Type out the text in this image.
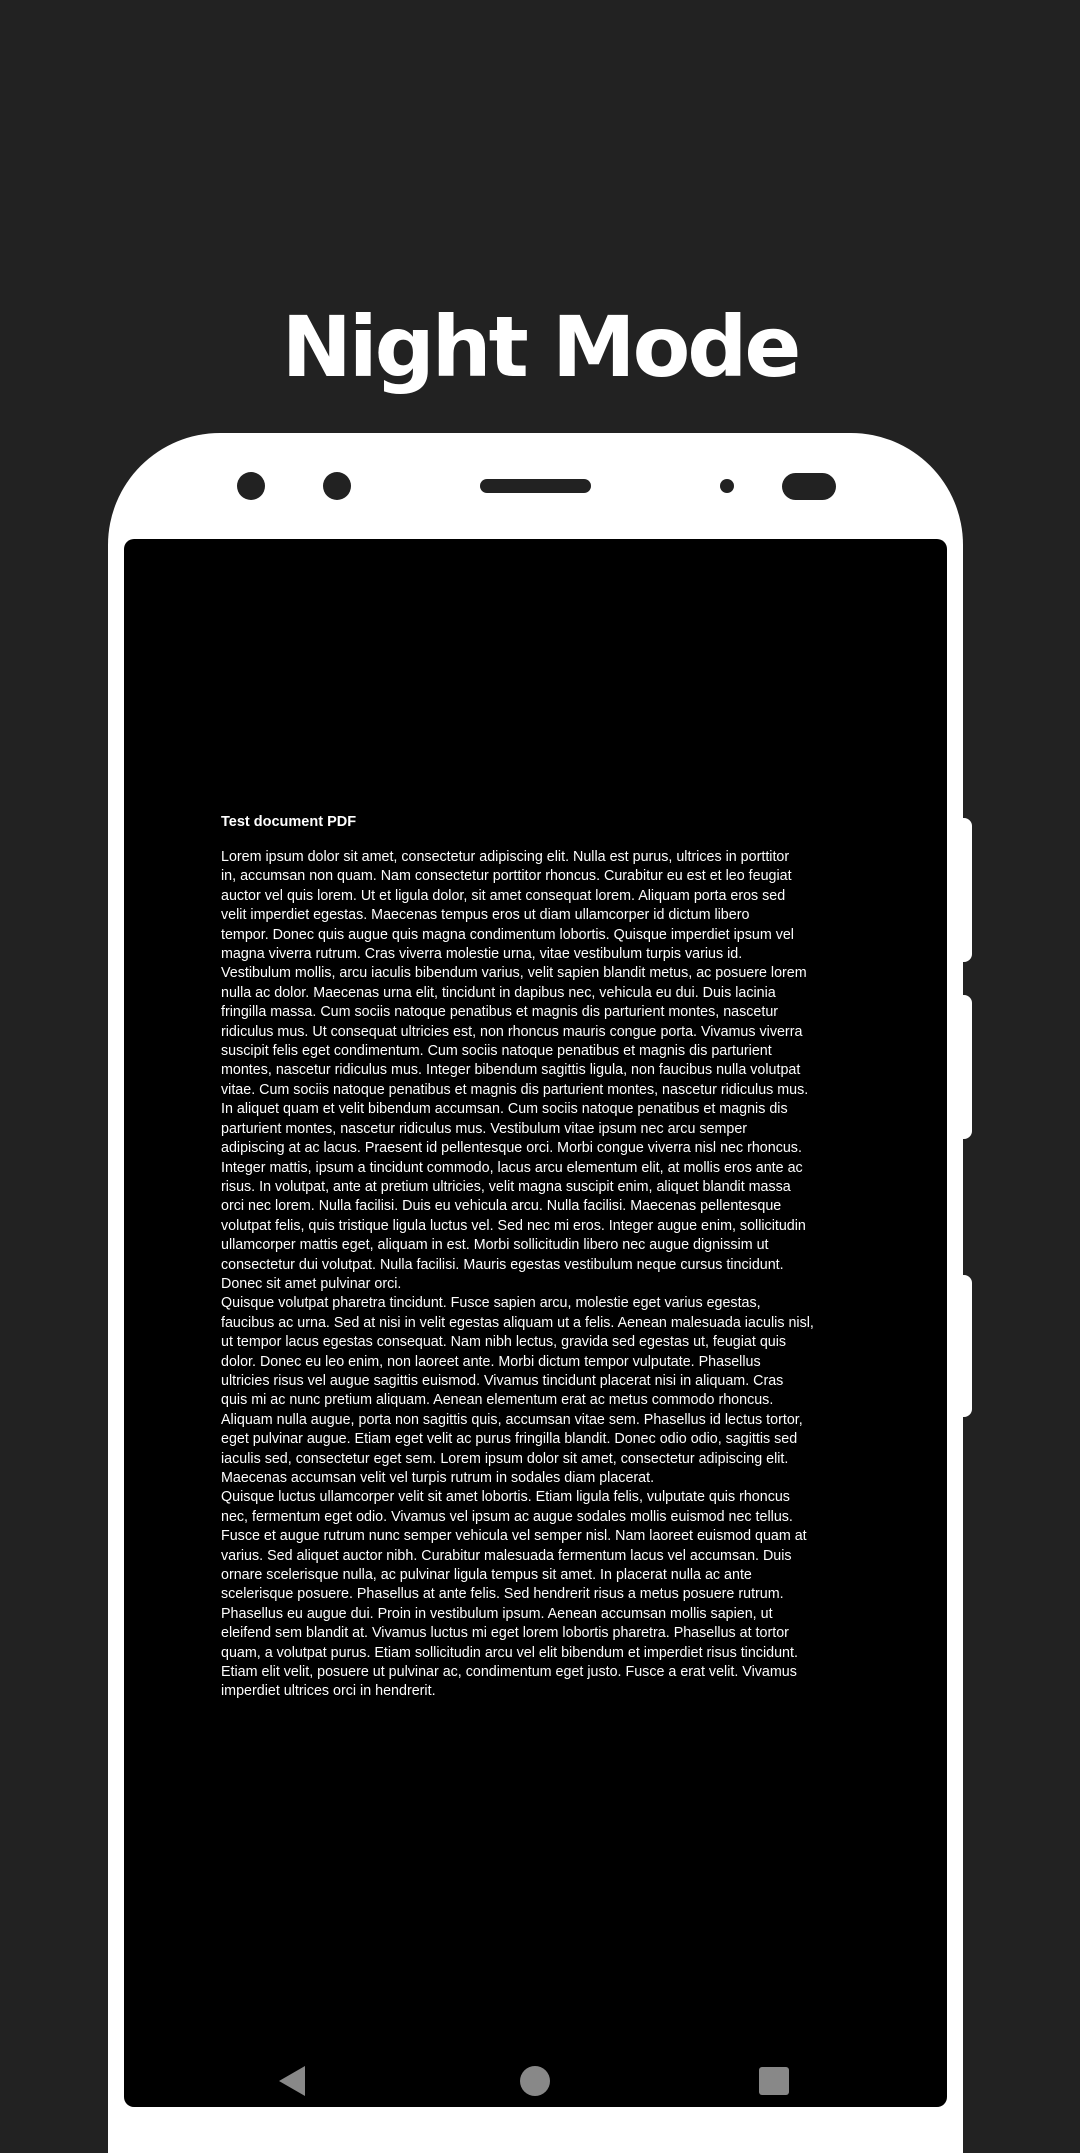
Night Mode

Test document PDF

Lorem ipsum dolor sit amet, consectetur adipiscing elit. Nulla est purus, ultrices in porttitor
in, accumsan non quam. Nam consectetur porttitor rhoncus. Curabitur eu est et leo feugiat
auctor vel quis lorem. Ut et ligula dolor, sit amet consequat lorem. Aliquam porta eros sed
velit imperdiet egestas. Maecenas tempus eros ut diam ullamcorper id dictum libero
tempor. Donec quis augue quis magna condimentum lobortis. Quisque imperdiet ipsum vel
magna viverra rutrum. Cras viverra molestie urna, vitae vestibulum turpis varius id.
Vestibulum mollis, arcu iaculis bibendum varius, velit sapien blandit metus, ac posuere lorem
nulla ac dolor. Maecenas urna elit, tincidunt in dapibus nec, vehicula eu dui. Duis lacinia
fringilla massa. Cum sociis natoque penatibus et magnis dis parturient montes, nascetur
ridiculus mus. Ut consequat ultricies est, non rhoncus mauris congue porta. Vivamus viverra
suscipit felis eget condimentum. Cum sociis natoque penatibus et magnis dis parturient
montes, nascetur ridiculus mus. Integer bibendum sagittis ligula, non faucibus nulla volutpat
vitae. Cum sociis natoque penatibus et magnis dis parturient montes, nascetur ridiculus mus.
In aliquet quam et velit bibendum accumsan. Cum sociis natoque penatibus et magnis dis
parturient montes, nascetur ridiculus mus. Vestibulum vitae ipsum nec arcu semper
adipiscing at ac lacus. Praesent id pellentesque orci. Morbi congue viverra nisl nec rhoncus.
Integer mattis, ipsum a tincidunt commodo, lacus arcu elementum elit, at mollis eros ante ac
risus. In volutpat, ante at pretium ultricies, velit magna suscipit enim, aliquet blandit massa
orci nec lorem. Nulla facilisi. Duis eu vehicula arcu. Nulla facilisi. Maecenas pellentesque
volutpat felis, quis tristique ligula luctus vel. Sed nec mi eros. Integer augue enim, sollicitudin
ullamcorper mattis eget, aliquam in est. Morbi sollicitudin libero nec augue dignissim ut
consectetur dui volutpat. Nulla facilisi. Mauris egestas vestibulum neque cursus tincidunt.
Donec sit amet pulvinar orci.

Quisque volutpat pharetra tincidunt. Fusce sapien arcu, molestie eget varius egestas,
faucibus ac urna. Sed at nisi in velit egestas aliquam ut a felis. Aenean malesuada iaculis nisl,
ut tempor lacus egestas consequat. Nam nibh lectus, gravida sed egestas ut, feugiat quis
dolor. Donec eu leo enim, non laoreet ante. Morbi dictum tempor vulputate. Phasellus
ultricies risus vel augue sagittis euismod. Vivamus tincidunt placerat nisi in aliquam. Cras
quis mi ac nunc pretium aliquam. Aenean elementum erat ac metus commodo rhoncus.
Aliquam nulla augue, porta non sagittis quis, accumsan vitae sem. Phasellus id lectus tortor,
eget pulvinar augue. Etiam eget velit ac purus fringilla blandit. Donec odio odio, sagittis sed
iaculis sed, consectetur eget sem. Lorem ipsum dolor sit amet, consectetur adipiscing elit.
Maecenas accumsan velit vel turpis rutrum in sodales diam placerat.

Quisque luctus ullamcorper velit sit amet lobortis. Etiam ligula felis, vulputate quis rhoncus
nec, fermentum eget odio. Vivamus vel ipsum ac augue sodales mollis euismod nec tellus.
Fusce et augue rutrum nunc semper vehicula vel semper nisl. Nam laoreet euismod quam at
varius. Sed aliquet auctor nibh. Curabitur malesuada fermentum lacus vel accumsan. Duis
ornare scelerisque nulla, ac pulvinar ligula tempus sit amet. In placerat nulla ac ante
scelerisque posuere. Phasellus at ante felis. Sed hendrerit risus a metus posuere rutrum.
Phasellus eu augue dui. Proin in vestibulum ipsum. Aenean accumsan mollis sapien, ut
eleifend sem blandit at. Vivamus luctus mi eget lorem lobortis pharetra. Phasellus at tortor
quam, a volutpat purus. Etiam sollicitudin arcu vel elit bibendum et imperdiet risus tincidunt.
Etiam elit velit, posuere ut pulvinar ac, condimentum eget justo. Fusce a erat velit. Vivamus
imperdiet ultrices orci in hendrerit.
